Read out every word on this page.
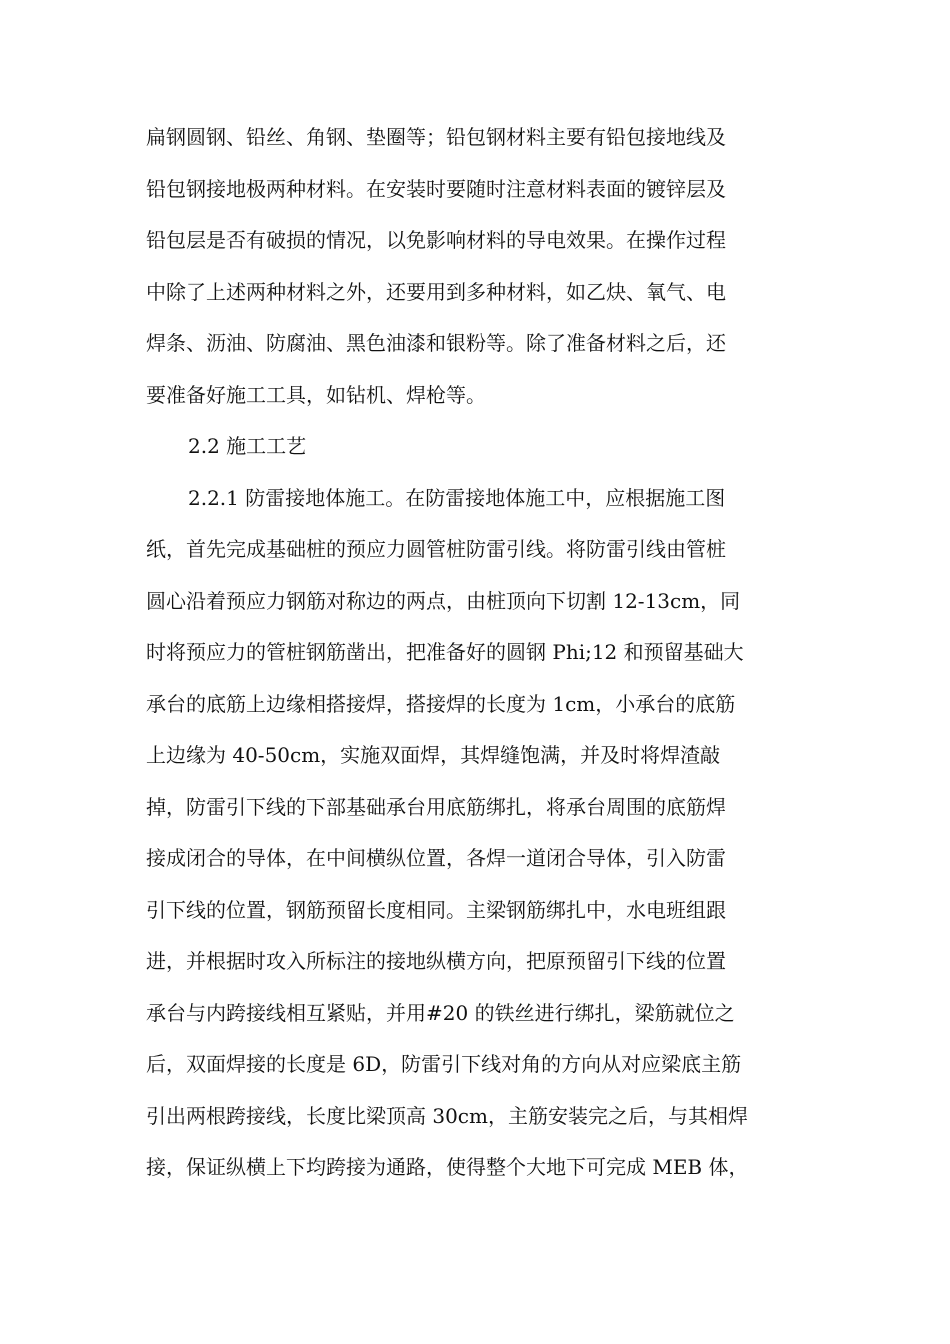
扁钢圆钢、铅丝、角钢、垫圈等；铅包钢材料主要有铅包接地线及
铅包钢接地极两种材料。在安装时要随时注意材料表面的镀锌层及
铅包层是否有破损的情况，以免影响材料的导电效果。在操作过程
中除了上述两种材料之外，还要用到多种材料，如乙炔、氧气、电
焊条、沥油、防腐油、黑色油漆和银粉等。除了准备材料之后，还
要准备好施工工具，如钻机、焊枪等。
2.2 施工工艺
2.2.1 防雷接地体施工。在防雷接地体施工中，应根据施工图
纸，首先完成基础桩的预应力圆管桩防雷引线。将防雷引线由管桩
圆心沿着预应力钢筋对称边的两点，由桩顶向下切割 12-13cm，同
时将预应力的管桩钢筋凿出，把准备好的圆钢 Phi;12 和预留基础大
承台的底筋上边缘相搭接焊，搭接焊的长度为 1cm，小承台的底筋
上边缘为 40-50cm，实施双面焊，其焊缝饱满，并及时将焊渣敲
掉，防雷引下线的下部基础承台用底筋绑扎，将承台周围的底筋焊
接成闭合的导体，在中间横纵位置，各焊一道闭合导体，引入防雷
引下线的位置，钢筋预留长度相同。主梁钢筋绑扎中，水电班组跟
进，并根据时攻入所标注的接地纵横方向，把原预留引下线的位置
承台与内跨接线相互紧贴，并用#20 的铁丝进行绑扎，梁筋就位之
后，双面焊接的长度是 6D，防雷引下线对角的方向从对应梁底主筋
引出两根跨接线，长度比梁顶高 30cm，主筋安装完之后，与其相焊
接，保证纵横上下均跨接为通路，使得整个大地下可完成 MEB 体，
